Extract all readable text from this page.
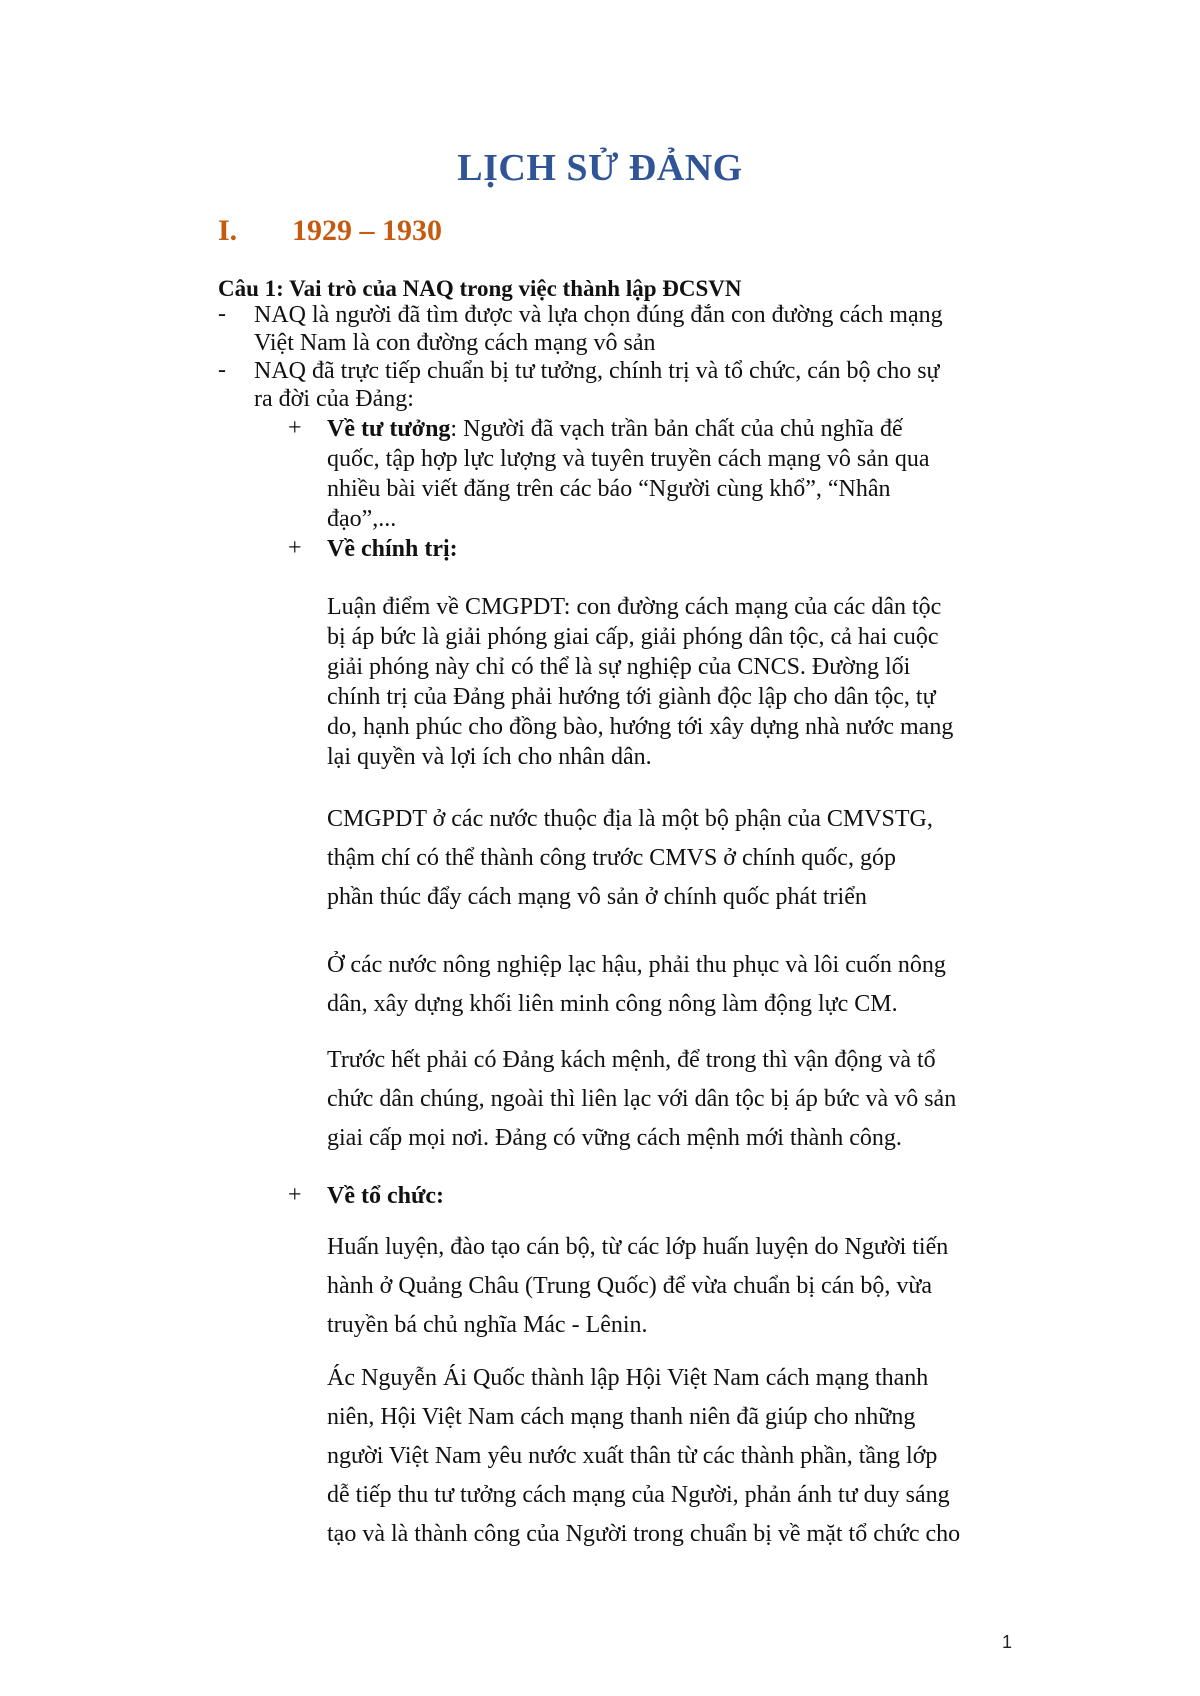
LỊCH SỬ ĐẢNG
I. 1929 – 1930
Câu 1: Vai trò của NAQ trong việc thành lập ĐCSVN
- NAQ là người đã tìm được và lựa chọn đúng đắn con đường cách mạng

Việt Nam là con đường cách mạng vô sản

- NAQ đã trực tiếp chuẩn bị tư tưởng, chính trị và tổ chức, cán bộ cho sự

ra đời của Đảng:

+ Về tư tưởng: Người đã vạch trần bản chất của chủ nghĩa đế

quốc, tập hợp lực lượng và tuyên truyền cách mạng vô sản qua

nhiều bài viết đăng trên các báo “Người cùng khổ”, “Nhân

đạo”,...

+ Về chính trị:

Luận điểm về CMGPDT: con đường cách mạng của các dân tộc

bị áp bức là giải phóng giai cấp, giải phóng dân tộc, cả hai cuộc

giải phóng này chỉ có thể là sự nghiệp của CNCS. Đường lối

chính trị của Đảng phải hướng tới giành độc lập cho dân tộc, tự

do, hạnh phúc cho đồng bào, hướng tới xây dựng nhà nước mang

lại quyền và lợi ích cho nhân dân.

CMGPDT ở các nước thuộc địa là một bộ phận của CMVSTG,

thậm chí có thể thành công trước CMVS ở chính quốc, góp

phần thúc đẩy cách mạng vô sản ở chính quốc phát triển

Ở các nước nông nghiệp lạc hậu, phải thu phục và lôi cuốn nông

dân, xây dựng khối liên minh công nông làm động lực CM.

Trước hết phải có Đảng kách mệnh, để trong thì vận động và tổ

chức dân chúng, ngoài thì liên lạc với dân tộc bị áp bức và vô sản

giai cấp mọi nơi. Đảng có vững cách mệnh mới thành công.

+ Về tổ chức:

Huấn luyện, đào tạo cán bộ, từ các lớp huấn luyện do Người tiến

hành ở Quảng Châu (Trung Quốc) để vừa chuẩn bị cán bộ, vừa

truyền bá chủ nghĩa Mác - Lênin.

Ác Nguyễn Ái Quốc thành lập Hội Việt Nam cách mạng thanh

niên, Hội Việt Nam cách mạng thanh niên đã giúp cho những

người Việt Nam yêu nước xuất thân từ các thành phần, tầng lớp

dễ tiếp thu tư tưởng cách mạng của Người, phản ánh tư duy sáng

tạo và là thành công của Người trong chuẩn bị về mặt tổ chức cho

1
